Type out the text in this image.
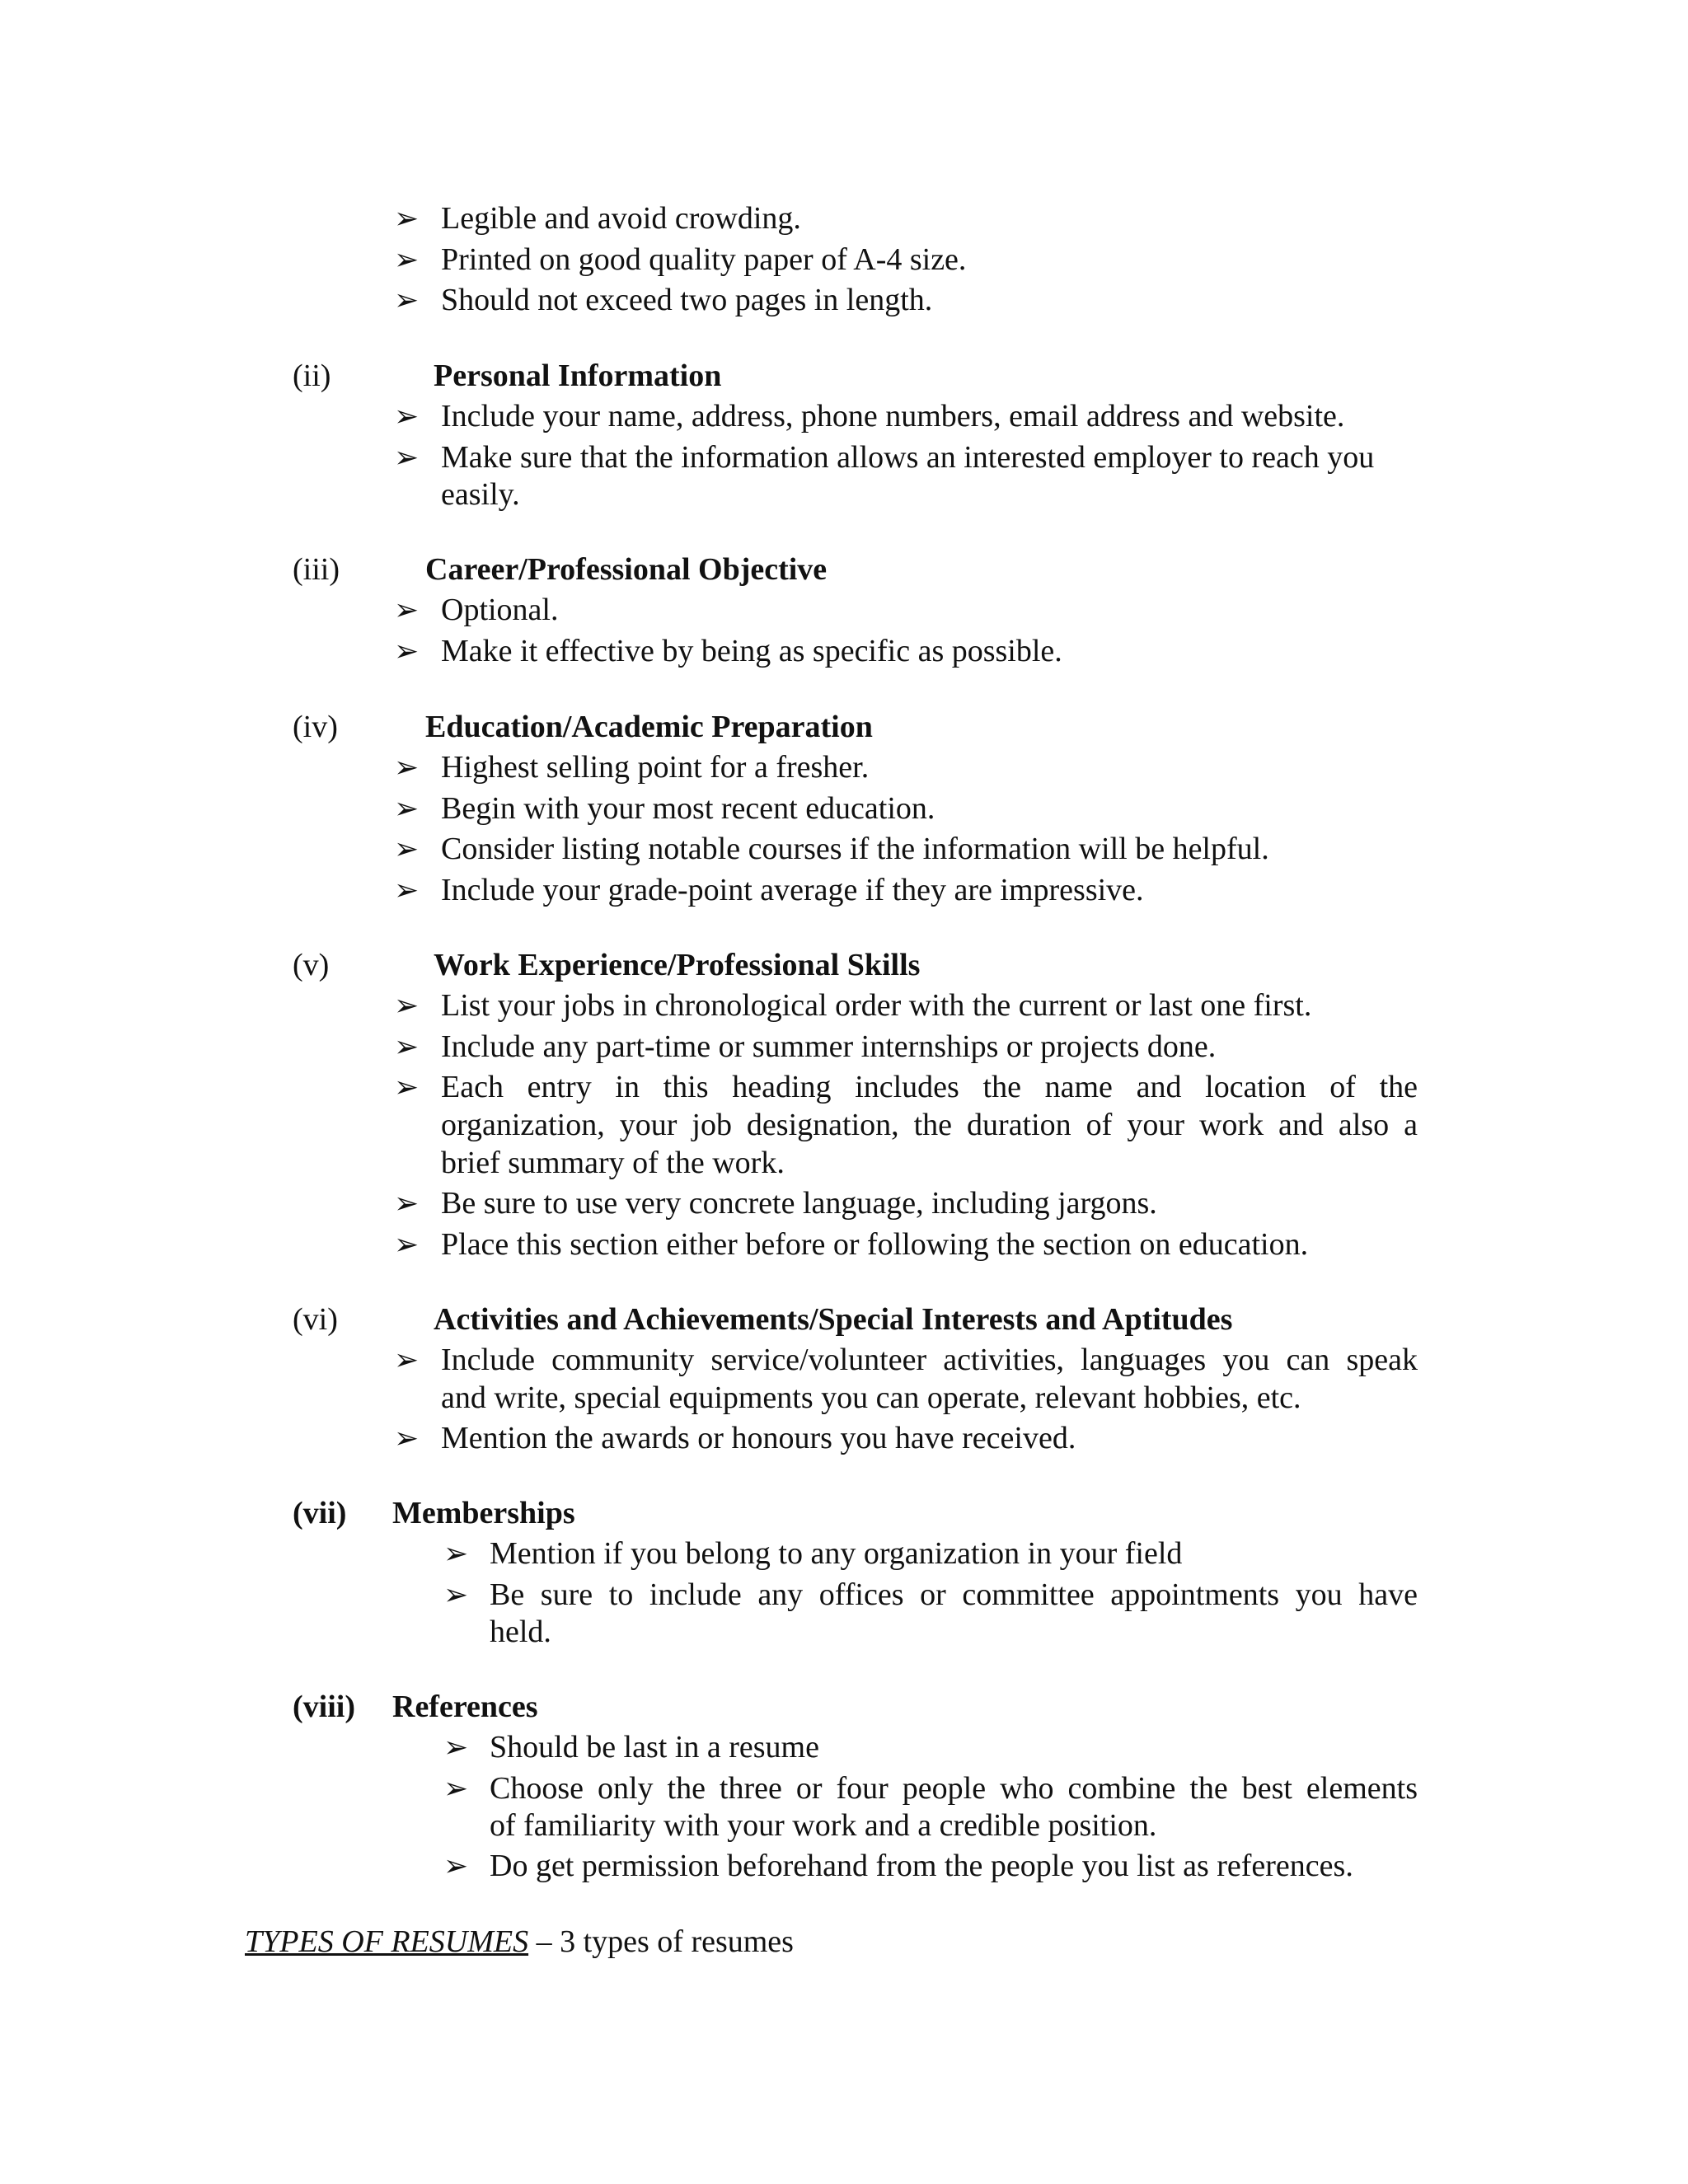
➢ Legible and avoid crowding.
➢ Printed on good quality paper of A-4 size.
➢ Should not exceed two pages in length.
(ii)	Personal Information
➢ Include your name, address, phone numbers, email address and website.
➢ Make sure that the information allows an interested employer to reach you
easily.
(iii)	Career/Professional Objective
➢ Optional.
➢ Make it effective by being as specific as possible.
(iv)	Education/Academic Preparation
➢ Highest selling point for a fresher.
➢ Begin with your most recent education.
➢ Consider listing notable courses if the information will be helpful.
➢ Include your grade-point average if they are impressive.
(v)	Work Experience/Professional Skills
➢ List your jobs in chronological order with the current or last one first.
➢ Include any part-time or summer internships or projects done.
➢ Each entry in this heading includes the name and location of the
organization, your job designation, the duration of your work and also a
brief summary of the work.
➢ Be sure to use very concrete language, including jargons.
➢ Place this section either before or following the section on education.
(vi)	Activities and Achievements/Special Interests and Aptitudes
➢ Include community service/volunteer activities, languages you can speak
and write, special equipments you can operate, relevant hobbies, etc.
➢ Mention the awards or honours you have received.
(vii) Memberships
➢ Mention if you belong to any organization in your field
➢ Be sure to include any offices or committee appointments you have
held.
(viii) References
➢ Should be last in a resume
➢ Choose only the three or four people who combine the best elements
of familiarity with your work and a credible position.
➢ Do get permission beforehand from the people you list as references.
TYPES OF RESUMES – 3 types of resumes
